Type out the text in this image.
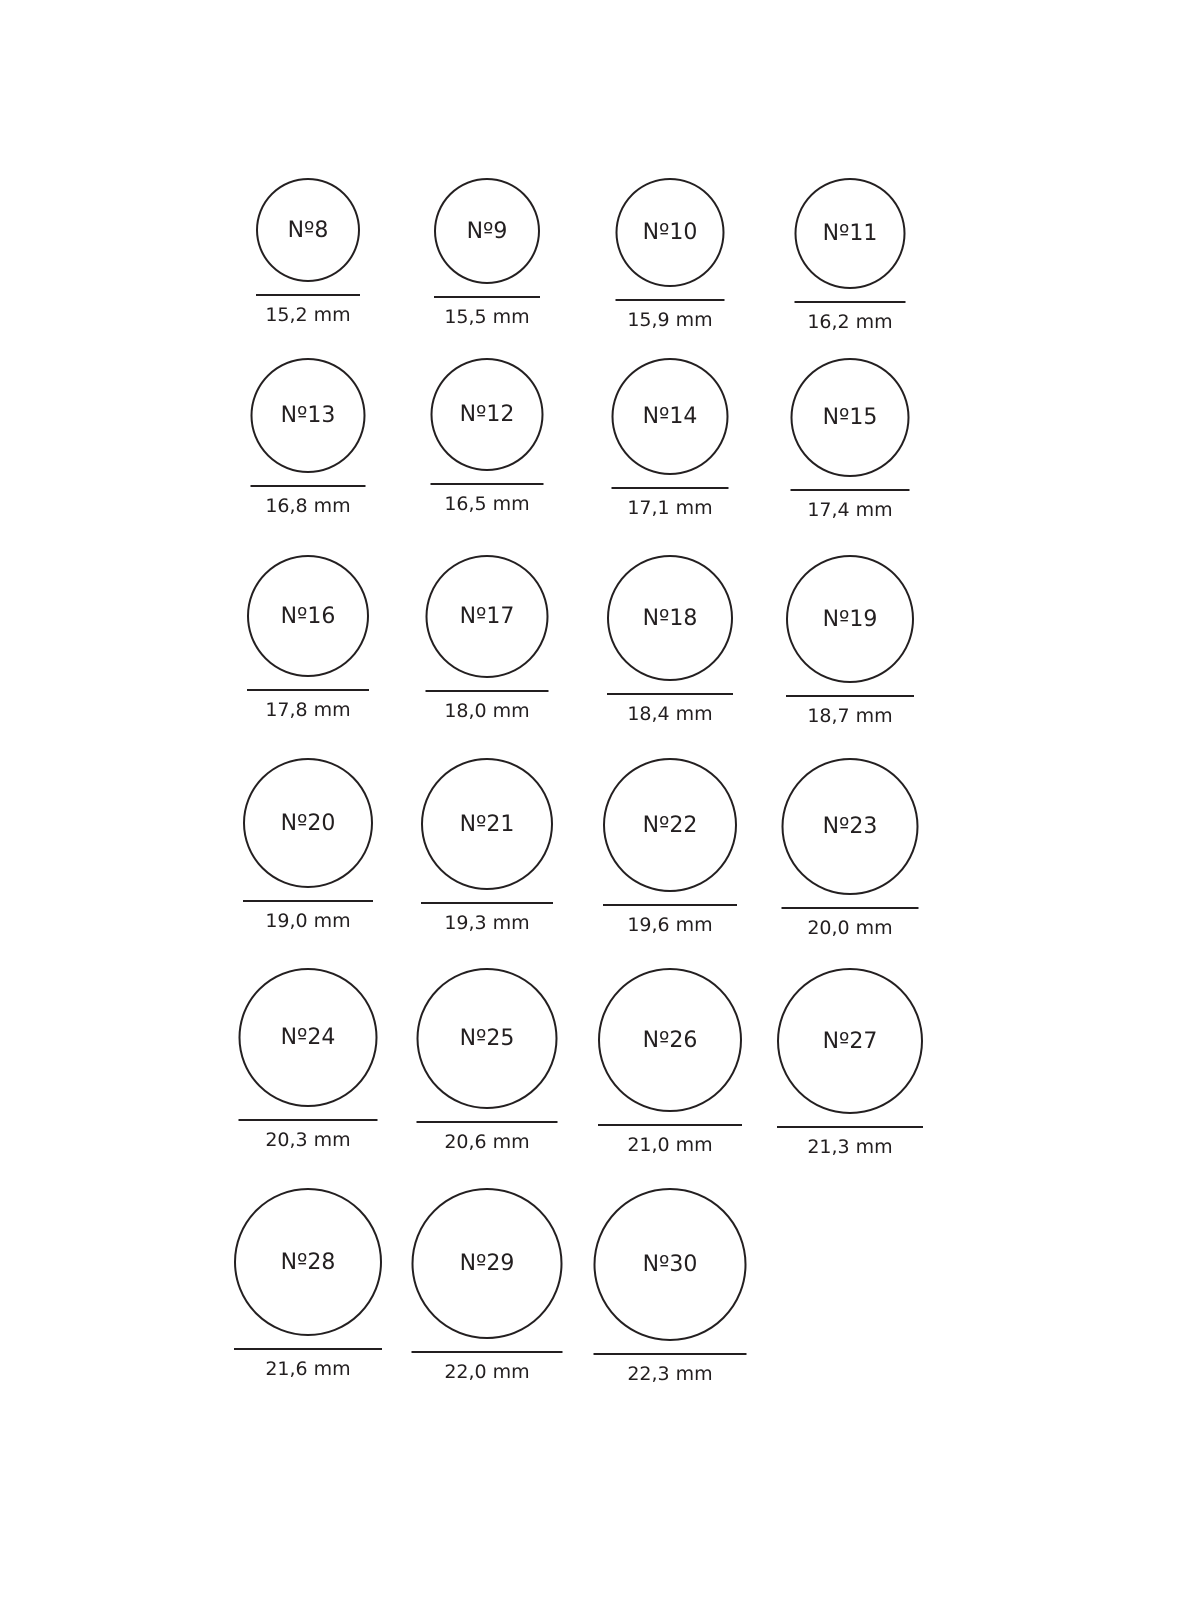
Nº8
15,2 mm
Nº9
15,5 mm
Nº10
15,9 mm
Nº11
16,2 mm
Nº13
16,8 mm
Nº12
16,5 mm
Nº14
17,1 mm
Nº15
17,4 mm
Nº16
17,8 mm
Nº17
18,0 mm
Nº18
18,4 mm
Nº19
18,7 mm
Nº20
19,0 mm
Nº21
19,3 mm
Nº22
19,6 mm
Nº23
20,0 mm
Nº24
20,3 mm
Nº25
20,6 mm
Nº26
21,0 mm
Nº27
21,3 mm
Nº28
21,6 mm
Nº29
22,0 mm
Nº30
22,3 mm
